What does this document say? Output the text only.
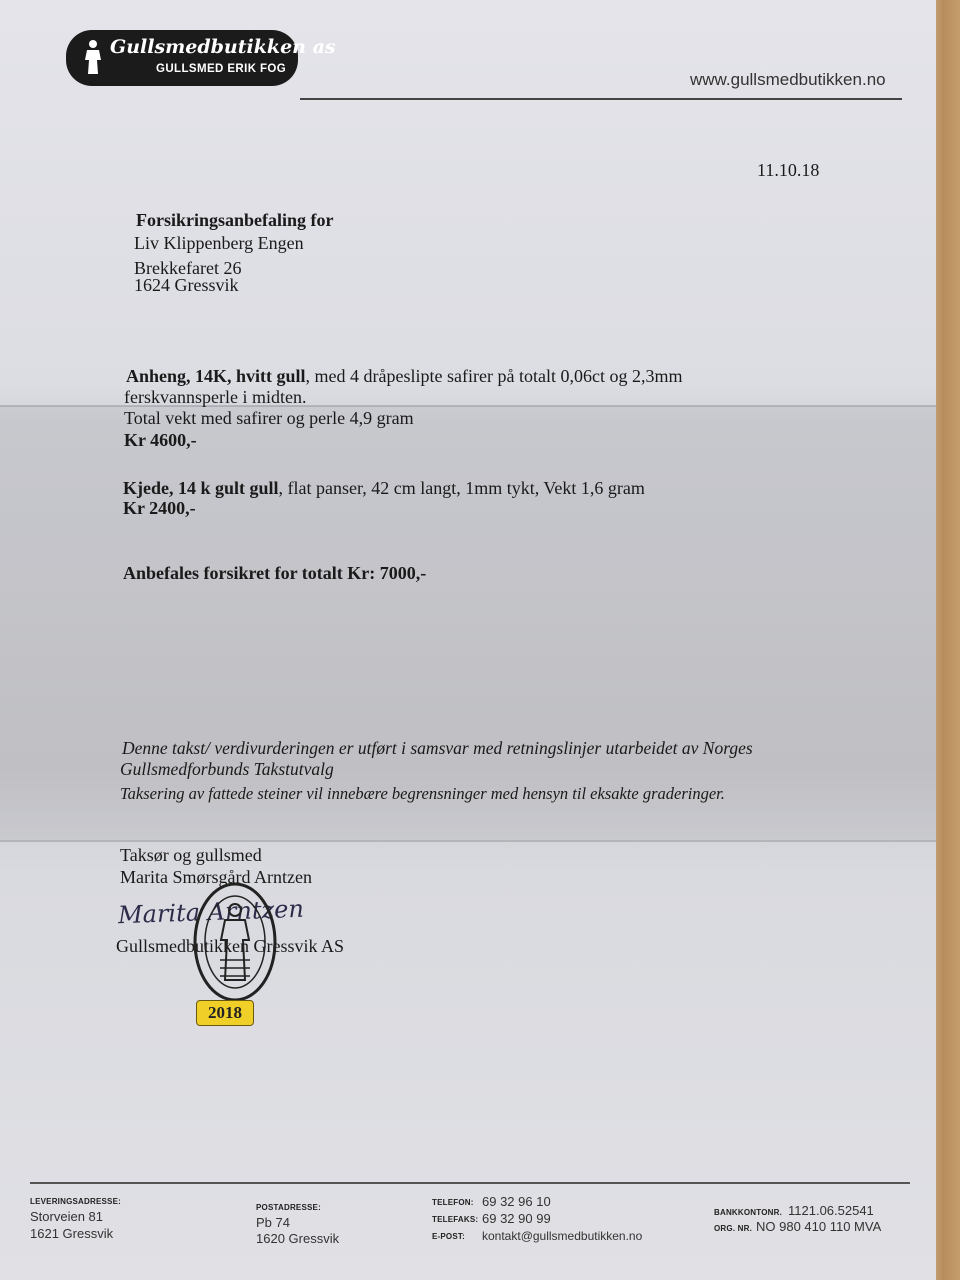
Gullsmedbutikken as
GULLSMED ERIK FOG
www.gullsmedbutikken.no
11.10.18
Forsikringsanbefaling for
Liv Klippenberg Engen
Brekkefaret 26
1624 Gressvik
Anheng, 14K, hvitt gull, med 4 dråpeslipte safirer på totalt 0,06ct og 2,3mm
ferskvannsperle i midten.
Total vekt med safirer og perle 4,9 gram
Kr 4600,-
Kjede, 14 k gult gull, flat panser, 42 cm langt, 1mm tykt, Vekt 1,6 gram
Kr 2400,-
Anbefales forsikret for totalt Kr: 7000,-
Denne takst/ verdivurderingen er utført i samsvar med retningslinjer utarbeidet av Norges
Gullsmedforbunds Takstutvalg
Taksering av fattede steiner vil innebære begrensninger med hensyn til eksakte graderinger.
Taksør og gullsmed
Marita Smørsgård Arntzen
Marita Arntzen
Gullsmedbutikken Gressvik AS
2018
LEVERINGSADRESSE:
Storveien 81
1621 Gressvik
POSTADRESSE:
Pb 74
1620 Gressvik
TELEFON: 69 32 96 10
TELEFAKS: 69 32 90 99
E-POST: kontakt@gullsmedbutikken.no
BANKKONTONR. 1121.06.52541
ORG. NR. NO 980 410 110 MVA
